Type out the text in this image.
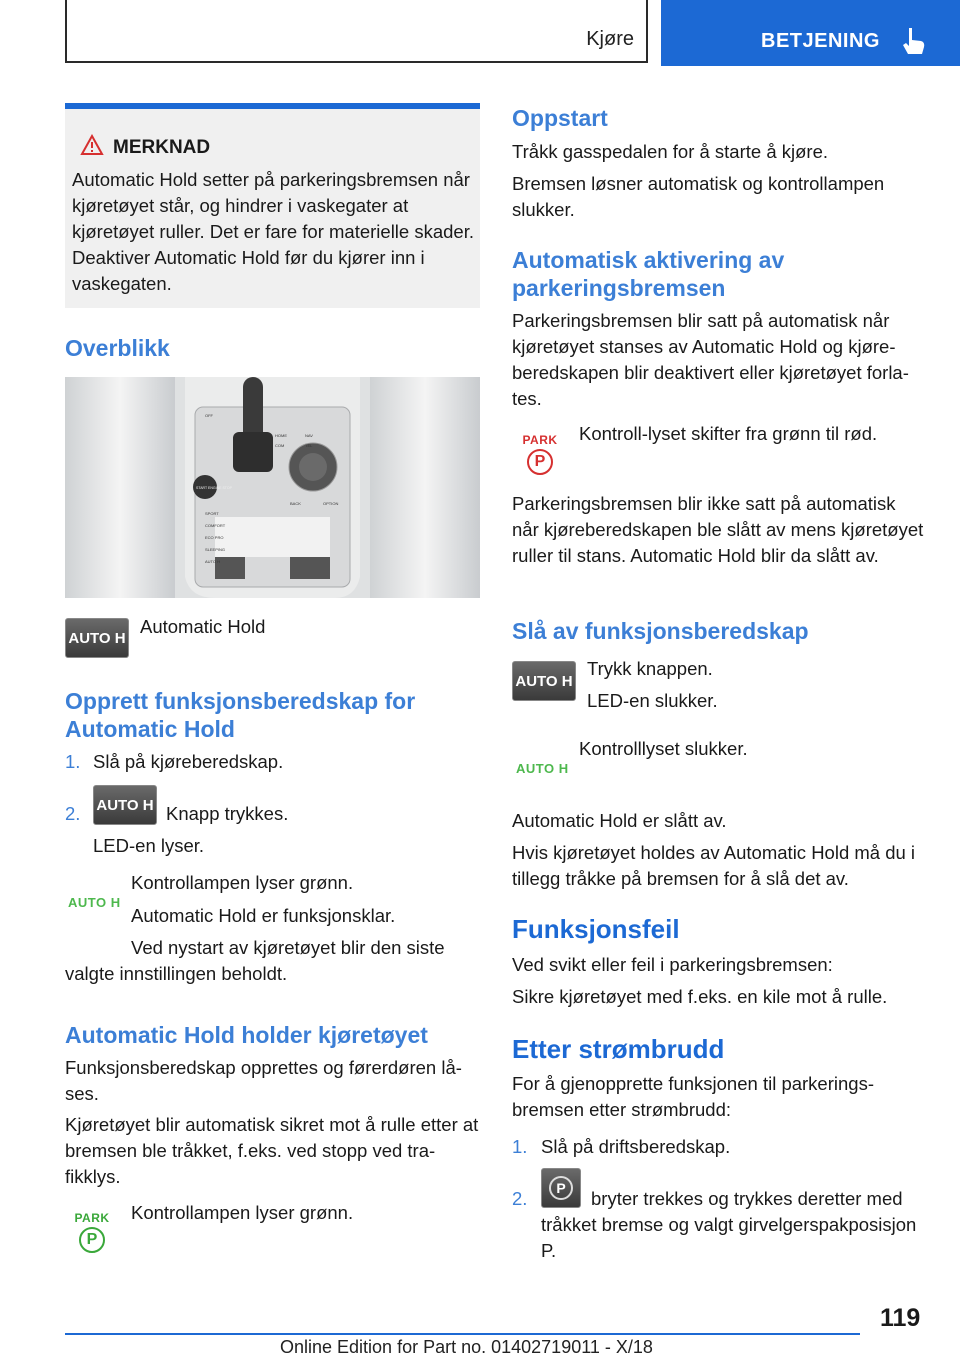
Kjøre	BETJENING
MERKNAD
Automatic Hold setter på parkeringsbremsen når kjøretøyet står, og hindrer i vaskegater at kjøretøyet ruller. Det er fare for materielle skader. Deaktiver Automatic Hold før du kjører inn i vaskegaten.
Overblikk
HOME	NAV
COM	TEL
BACK	OPTION
OFF
SPORT
COMFORT
ECO PRO
SLEEPING
AUTO H
START ENGINE STOP
AUTO H
Automatic Hold
Opprett funksjonsberedskap for Automatic Hold
1. Slå på kjøreberedskap.
2. AUTO H Knapp trykkes.
LED-en lyser.
AUTO H
Kontrollampen lyser grønn.
Automatic Hold er funksjonsklar.
Ved nystart av kjøretøyet blir den siste valgte innstillingen beholdt.
Automatic Hold holder kjøretøyet
Funksjonsberedskap opprettes og førerdøren låses.
Kjøretøyet blir automatisk sikret mot å rulle etter at bremsen ble tråkket, f.eks. ved stopp ved trafikklys.
PARK
P
Kontrollampen lyser grønn.
Oppstart
Tråkk gasspedalen for å starte å kjøre.
Bremsen løsner automatisk og kontrollampen slukker.
Automatisk aktivering av parkeringsbremsen
Parkeringsbremsen blir satt på automatisk når kjøretøyet stanses av Automatic Hold og kjøreberedskapen blir deaktivert eller kjøretøyet forlates.
PARK
P
Kontroll-lyset skifter fra grønn til rød.
Parkeringsbremsen blir ikke satt på automatisk når kjøreberedskapen ble slått av mens kjøretøyet ruller til stans. Automatic Hold blir da slått av.
Slå av funksjonsberedskap
AUTO H
Trykk knappen.
LED-en slukker.
AUTO H
Kontrolllyset slukker.
Automatic Hold er slått av.
Hvis kjøretøyet holdes av Automatic Hold må du i tillegg tråkke på bremsen for å slå det av.
Funksjonsfeil
Ved svikt eller feil i parkeringsbremsen:
Sikre kjøretøyet med f.eks. en kile mot å rulle.
Etter strømbrudd
For å gjenopprette funksjonen til parkeringsbremsen etter strømbrudd:
1. Slå på driftsberedskap.
2.	P	bryter trekkes og trykkes deretter med tråkket bremse og valgt girvelgerspakposisjon P.
119
Online Edition for Part no. 01402719011 - X/18
